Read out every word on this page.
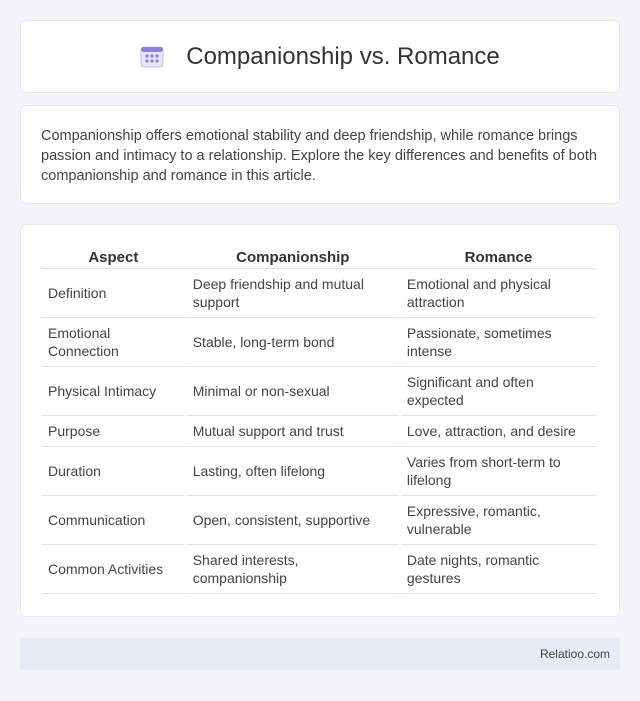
Companionship vs. Romance

Companionship offers emotional stability and deep friendship, while romance brings passion and intimacy to a relationship. Explore the key differences and benefits of both companionship and romance in this article.

Aspect	Companionship	Romance
Definition	Deep friendship and mutual support	Emotional and physical attraction
Emotional Connection	Stable, long-term bond	Passionate, sometimes intense
Physical Intimacy	Minimal or non-sexual	Significant and often expected
Purpose	Mutual support and trust	Love, attraction, and desire
Duration	Lasting, often lifelong	Varies from short-term to lifelong
Communication	Open, consistent, supportive	Expressive, romantic, vulnerable
Common Activities	Shared interests, companionship	Date nights, romantic gestures
Relatioo.com
